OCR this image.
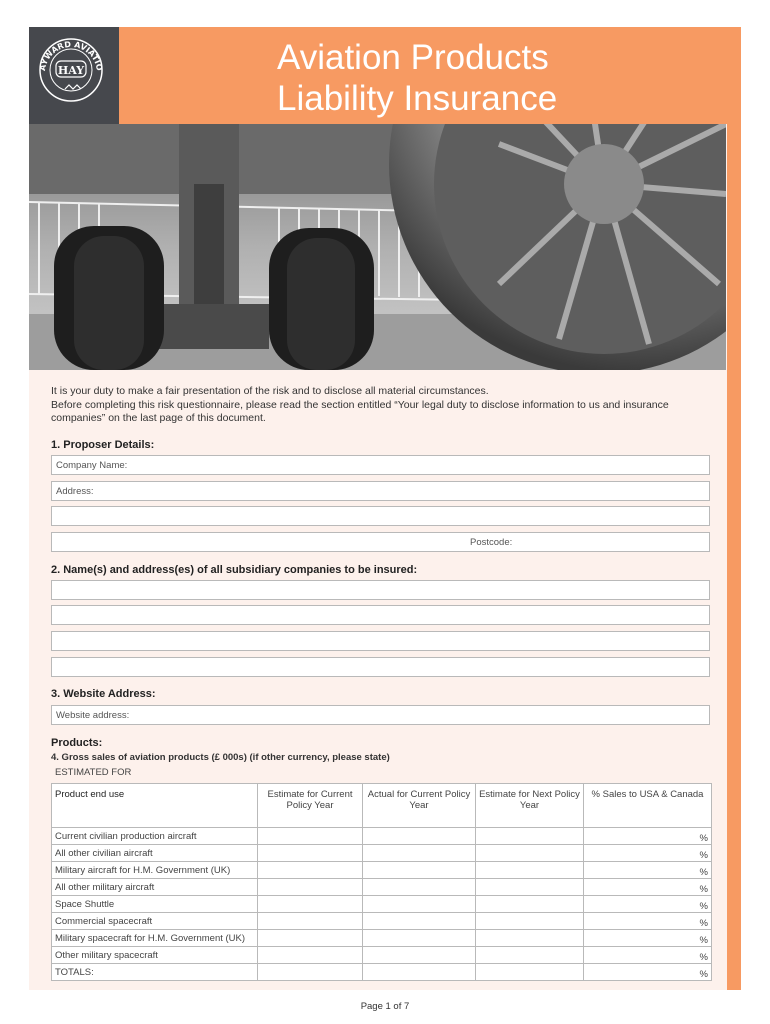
AYWARD AVIATIO
HAY	Aviation Products
Liability Insurance
It is your duty to make a fair presentation of the risk and to disclose all material circumstances.
Before completing this risk questionnaire, please read the section entitled “Your legal duty to disclose information to us and insurance companies” on the last page of this document.
1. Proposer Details:
Company Name:
Address:
Postcode:
2. Name(s) and address(es) of all subsidiary companies to be insured:
3. Website Address:
Website address:
Products:
4. Gross sales of aviation products (£ 000s) (if other currency, please state)
ESTIMATED FOR
Product end use	Estimate for Current Policy Year	Actual for Current Policy Year	Estimate for Next Policy Year	% Sales to USA & Canada
Current civilian production aircraft				%
All other civilian aircraft				%
Military aircraft for H.M. Government (UK)				%
All other military aircraft				%
Space Shuttle				%
Commercial spacecraft				%
Military spacecraft for H.M. Government (UK)				%
Other military spacecraft				%
TOTALS:				%
Page 1 of 7
